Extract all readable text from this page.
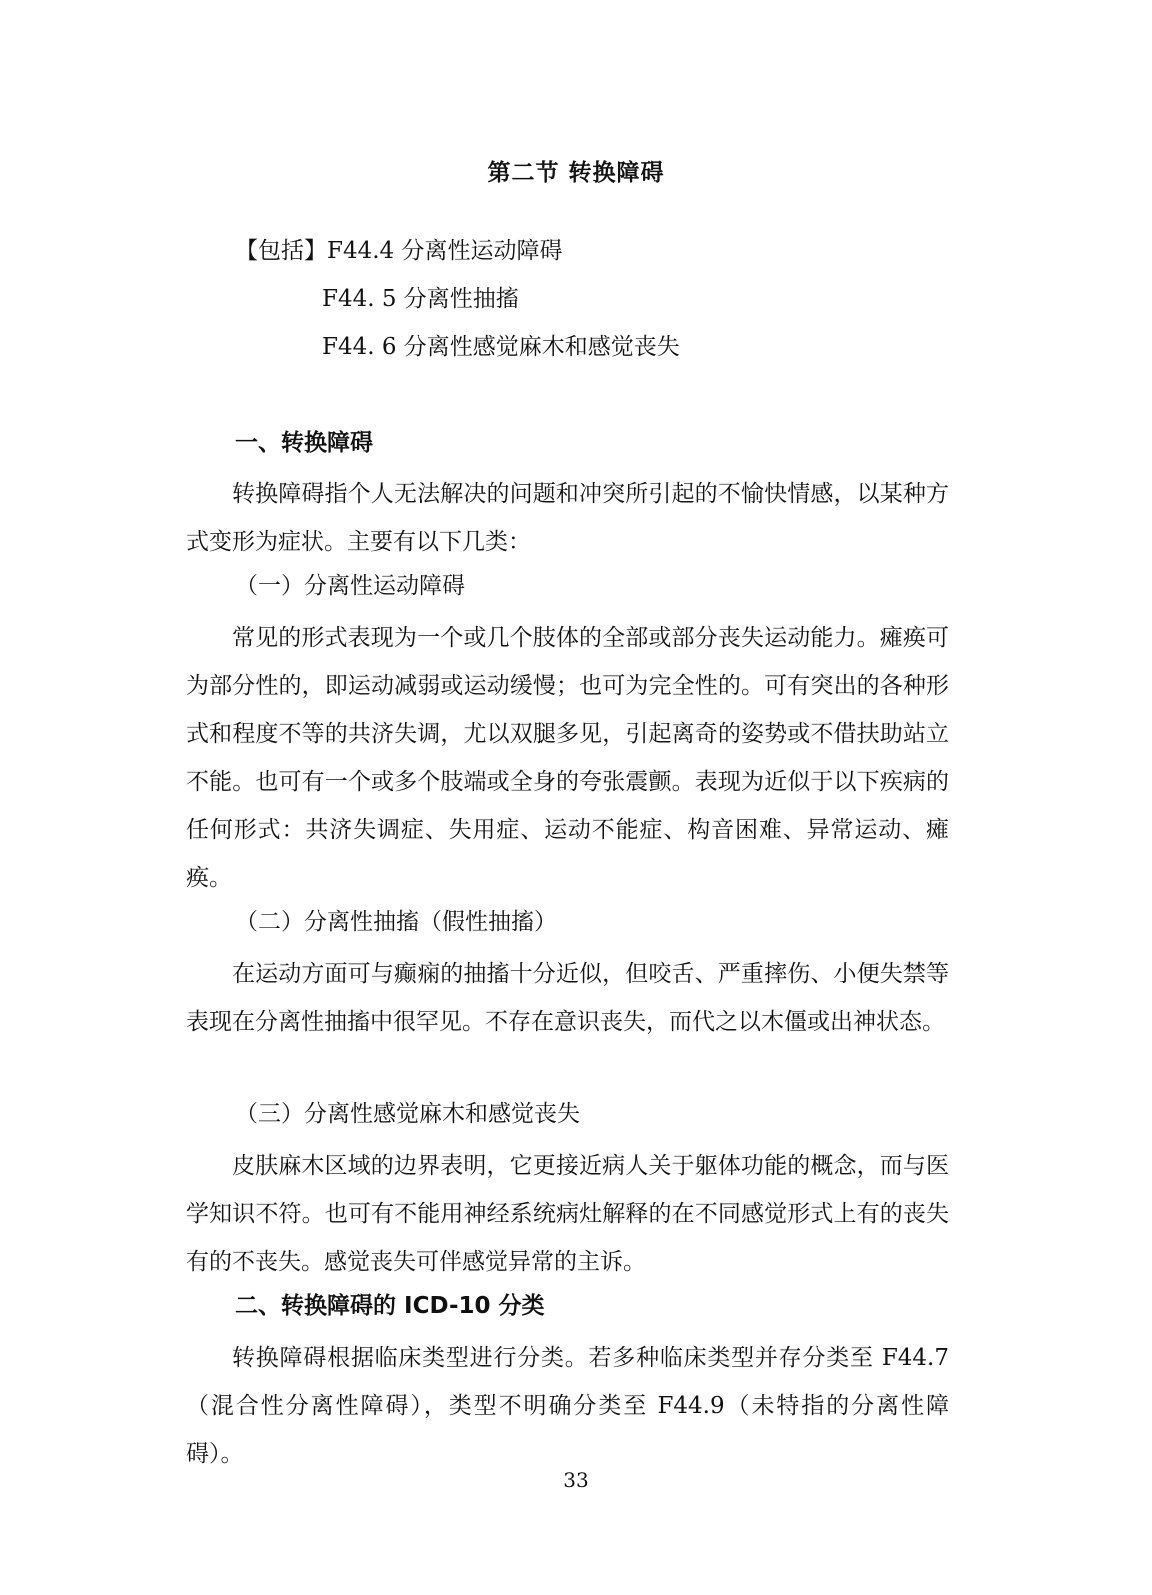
第二节 转换障碍
【包括】F44.4 分离性运动障碍
F44. 5 分离性抽搐
F44. 6 分离性感觉麻木和感觉丧失
一、转换障碍
转换障碍指个人无法解决的问题和冲突所引起的不愉快情感，以某种方式变形为症状。主要有以下几类：
（一）分离性运动障碍
常见的形式表现为一个或几个肢体的全部或部分丧失运动能力。瘫痪可为部分性的，即运动减弱或运动缓慢；也可为完全性的。可有突出的各种形式和程度不等的共济失调，尤以双腿多见，引起离奇的姿势或不借扶助站立不能。也可有一个或多个肢端或全身的夸张震颤。表现为近似于以下疾病的任何形式：共济失调症、失用症、运动不能症、构音困难、异常运动、瘫痪。
（二）分离性抽搐（假性抽搐）
在运动方面可与癫痫的抽搐十分近似，但咬舌、严重摔伤、小便失禁等表现在分离性抽搐中很罕见。不存在意识丧失，而代之以木僵或出神状态。
（三）分离性感觉麻木和感觉丧失
皮肤麻木区域的边界表明，它更接近病人关于躯体功能的概念，而与医学知识不符。也可有不能用神经系统病灶解释的在不同感觉形式上有的丧失有的不丧失。感觉丧失可伴感觉异常的主诉。
二、转换障碍的 ICD-10 分类
转换障碍根据临床类型进行分类。若多种临床类型并存分类至 F44.7（混合性分离性障碍），类型不明确分类至 F44.9（未特指的分离性障碍）。
33
